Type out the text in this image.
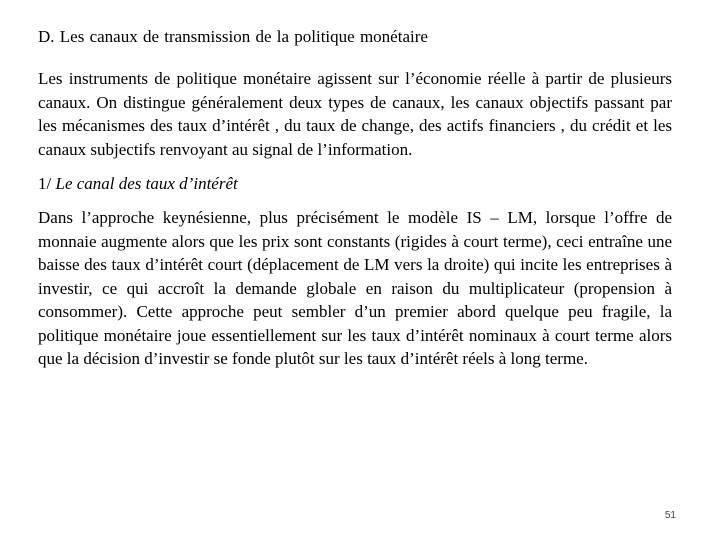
D. Les canaux de transmission de la politique monétaire

Les instruments de politique monétaire agissent sur l’économie réelle à partir de plusieurs canaux. On distingue généralement deux types de canaux, les canaux objectifs passant par les mécanismes des taux d’intérêt , du taux de change, des actifs financiers , du crédit et les canaux subjectifs renvoyant au signal de l’information.

1/ Le canal des taux d’intérêt

Dans l’approche keynésienne, plus précisément le modèle IS – LM, lorsque l’offre de monnaie augmente alors que les prix sont constants (rigides à court terme), ceci entraîne une baisse des taux d’intérêt court (déplacement de LM vers la droite) qui incite les entreprises à investir, ce qui accroît la demande globale en raison du multiplicateur (propension à consommer). Cette approche peut sembler d’un premier abord quelque peu fragile, la politique monétaire joue essentiellement sur les taux d’intérêt nominaux à court terme alors que la décision d’investir se fonde plutôt sur les taux d’intérêt réels à long terme.

51
